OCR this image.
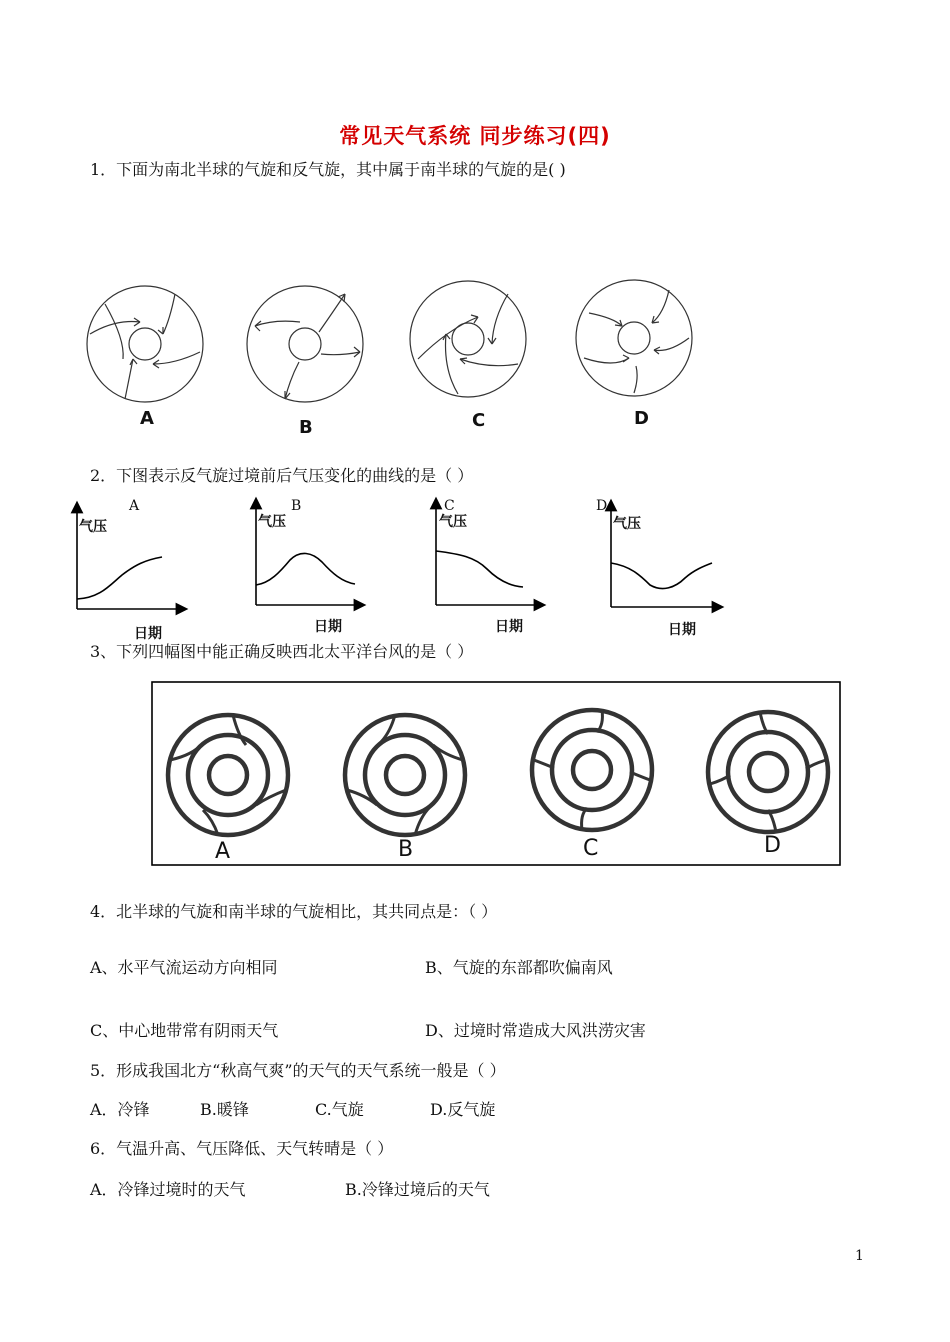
常见天气系统 同步练习(四)
1．下面为南北半球的气旋和反气旋，其中属于南半球的气旋的是( )
A	B	C	D
2．下图表示反气旋过境前后气压变化的曲线的是（ ）
A	B	C	D
气压	气压	气压	气压
日期	日期	日期	日期
3、下列四幅图中能正确反映西北太平洋台风的是（ ）
A	B	C	D
4．北半球的气旋和南半球的气旋相比，其共同点是：（ ）
A、水平气流运动方向相同	B、气旋的东部都吹偏南风
C、中心地带常有阴雨天气	D、过境时常造成大风洪涝灾害
5．形成我国北方“秋高气爽”的天气的天气系统一般是（ ）
A．冷锋	B.暖锋	C.气旋	D.反气旋
6．气温升高、气压降低、天气转晴是（ ）
A．冷锋过境时的天气	B.冷锋过境后的天气
1
